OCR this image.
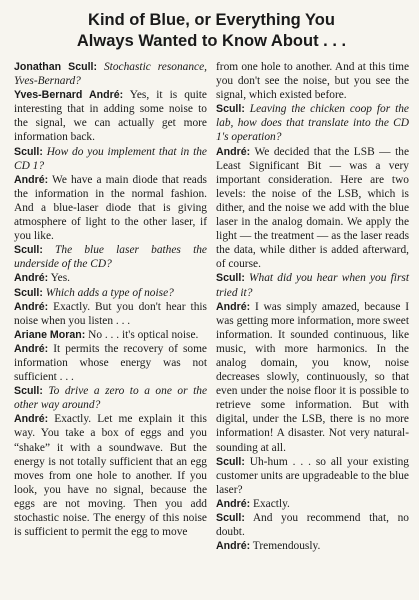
Kind of Blue, or Everything You
Always Wanted to Know About . . .

Jonathan Scull: Stochastic resonance, Yves-Bernard?

Yves-Bernard André: Yes, it is quite interesting that in adding some noise to the signal, we can actually get more information back.

Scull: How do you implement that in the CD 1?

André: We have a main diode that reads the information in the normal fashion. And a blue-laser diode that is giving atmosphere of light to the other laser, if you like.

Scull: The blue laser bathes the underside of the CD?

André: Yes.

Scull: Which adds a type of noise?

André: Exactly. But you don't hear this noise when you listen . . .

Ariane Moran: No . . . it's optical noise.

André: It permits the recovery of some information whose energy was not sufficient . . .

Scull: To drive a zero to a one or the other way around?

André: Exactly. Let me explain it this way. You take a box of eggs and you “shake” it with a soundwave. But the energy is not totally sufficient that an egg moves from one hole to another. If you look, you have no signal, because the eggs are not moving. Then you add stochastic noise. The energy of this noise is sufficient to permit the egg to move

from one hole to another. And at this time you don't see the noise, but you see the signal, which existed before.

Scull: Leaving the chicken coop for the lab, how does that translate into the CD 1's operation?

André: We decided that the LSB — the Least Significant Bit — was a very important consideration. Here are two levels: the noise of the LSB, which is dither, and the noise we add with the blue laser in the analog domain. We apply the light — the treatment — as the laser reads the data, while dither is added afterward, of course.

Scull: What did you hear when you first tried it?

André: I was simply amazed, because I was getting more information, more sweet information. It sounded continuous, like music, with more harmonics. In the analog domain, you know, noise decreases slowly, continuously, so that even under the noise floor it is possible to retrieve some information. But with digital, under the LSB, there is no more information! A disaster. Not very natural-sounding at all.

Scull: Uh-hum . . . so all your existing customer units are upgradeable to the blue laser?

André: Exactly.

Scull: And you recommend that, no doubt.

André: Tremendously.
